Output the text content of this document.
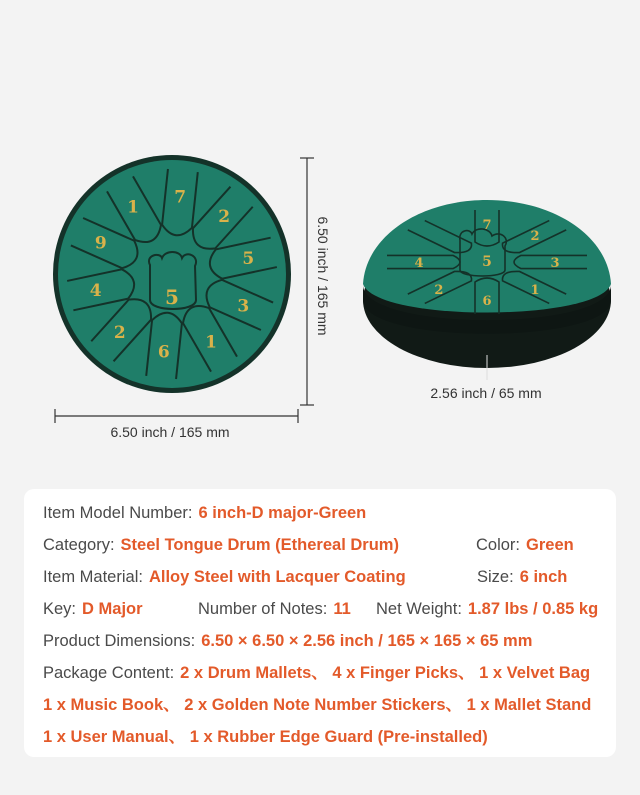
7
2
5
3
1
6
2
4
9
1
5	6.50 inch / 165 mm
6.50 inch / 165 mm
7
2
3
1
6
2
4	5
2.56 inch / 65 mm
Item Model Number: 6 inch-D major-Green
Category: Steel Tongue Drum (Ethereal Drum)	Color: Green
Item Material: Alloy Steel with Lacquer Coating	Size: 6 inch
Key: D Major	Number of Notes: 11 Net Weight: 1.87 lbs / 0.85 kg
Product Dimensions: 6.50 × 6.50 × 2.56 inch / 165 × 165 × 65 mm
Package Content: 2 x Drum Mallets、 4 x Finger Picks、 1 x Velvet Bag
1 x Music Book、 2 x Golden Note Number Stickers、 1 x Mallet Stand
1 x User Manual、 1 x Rubber Edge Guard (Pre-installed)
